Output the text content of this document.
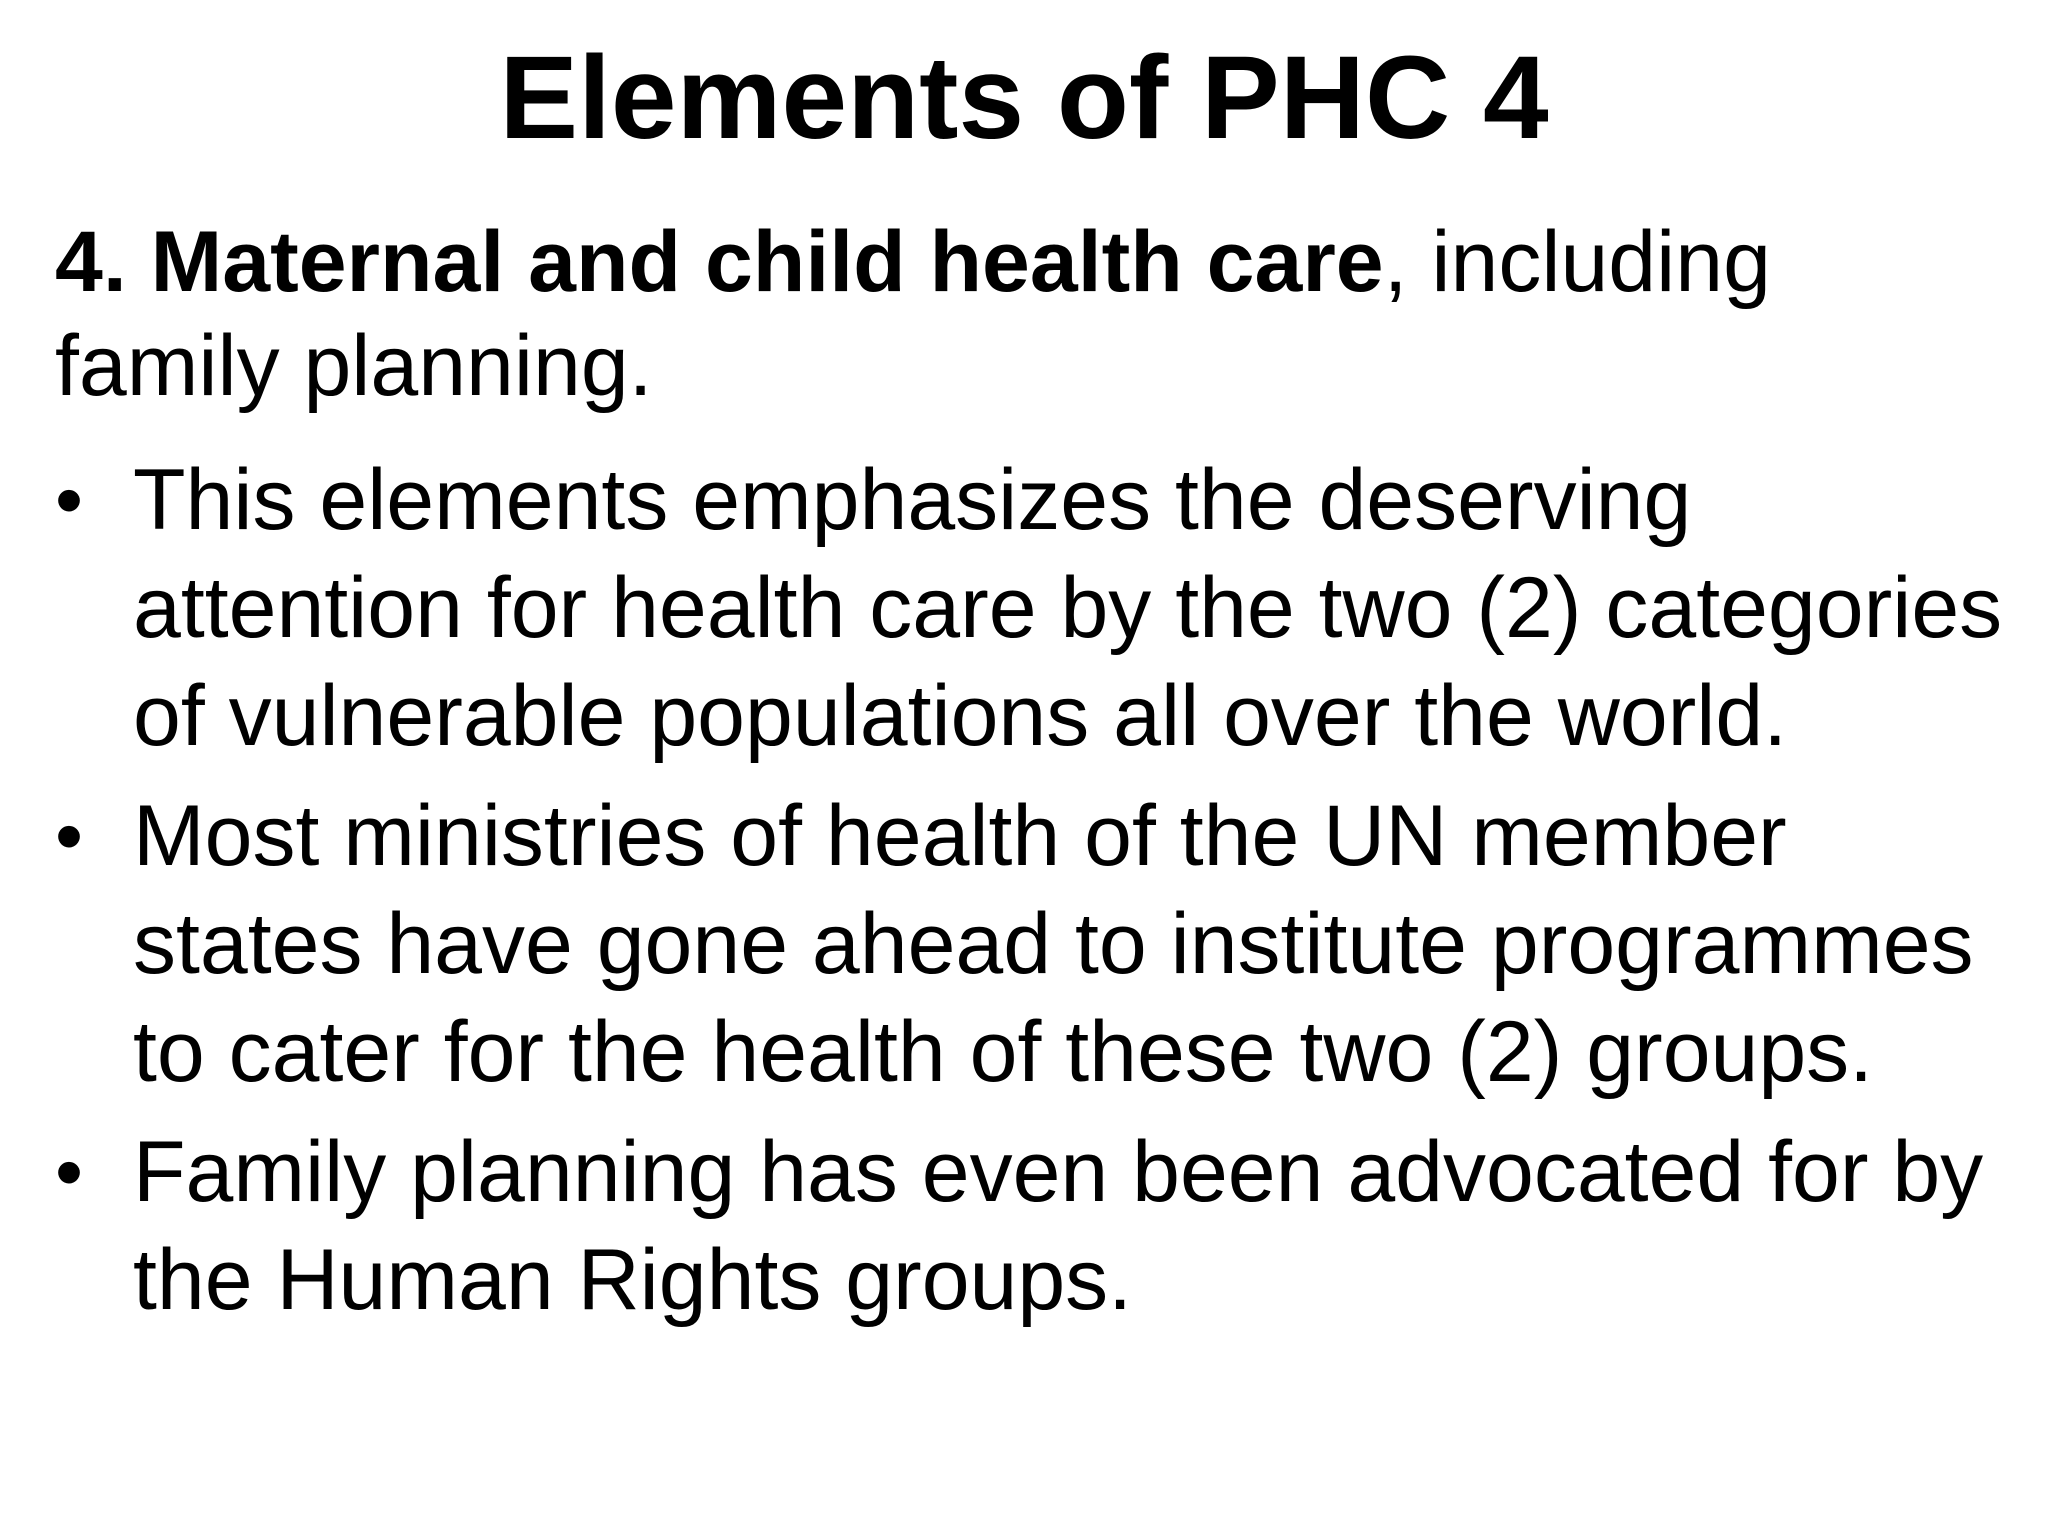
Elements of PHC 4
4. Maternal and child health care, including family planning.
• This elements emphasizes the deserving attention for health care by the two (2) categories of vulnerable populations all over the world.
• Most ministries of health of the UN member states have gone ahead to institute programmes to cater for the health of these two (2) groups.
• Family planning has even been advocated for by the Human Rights groups.
